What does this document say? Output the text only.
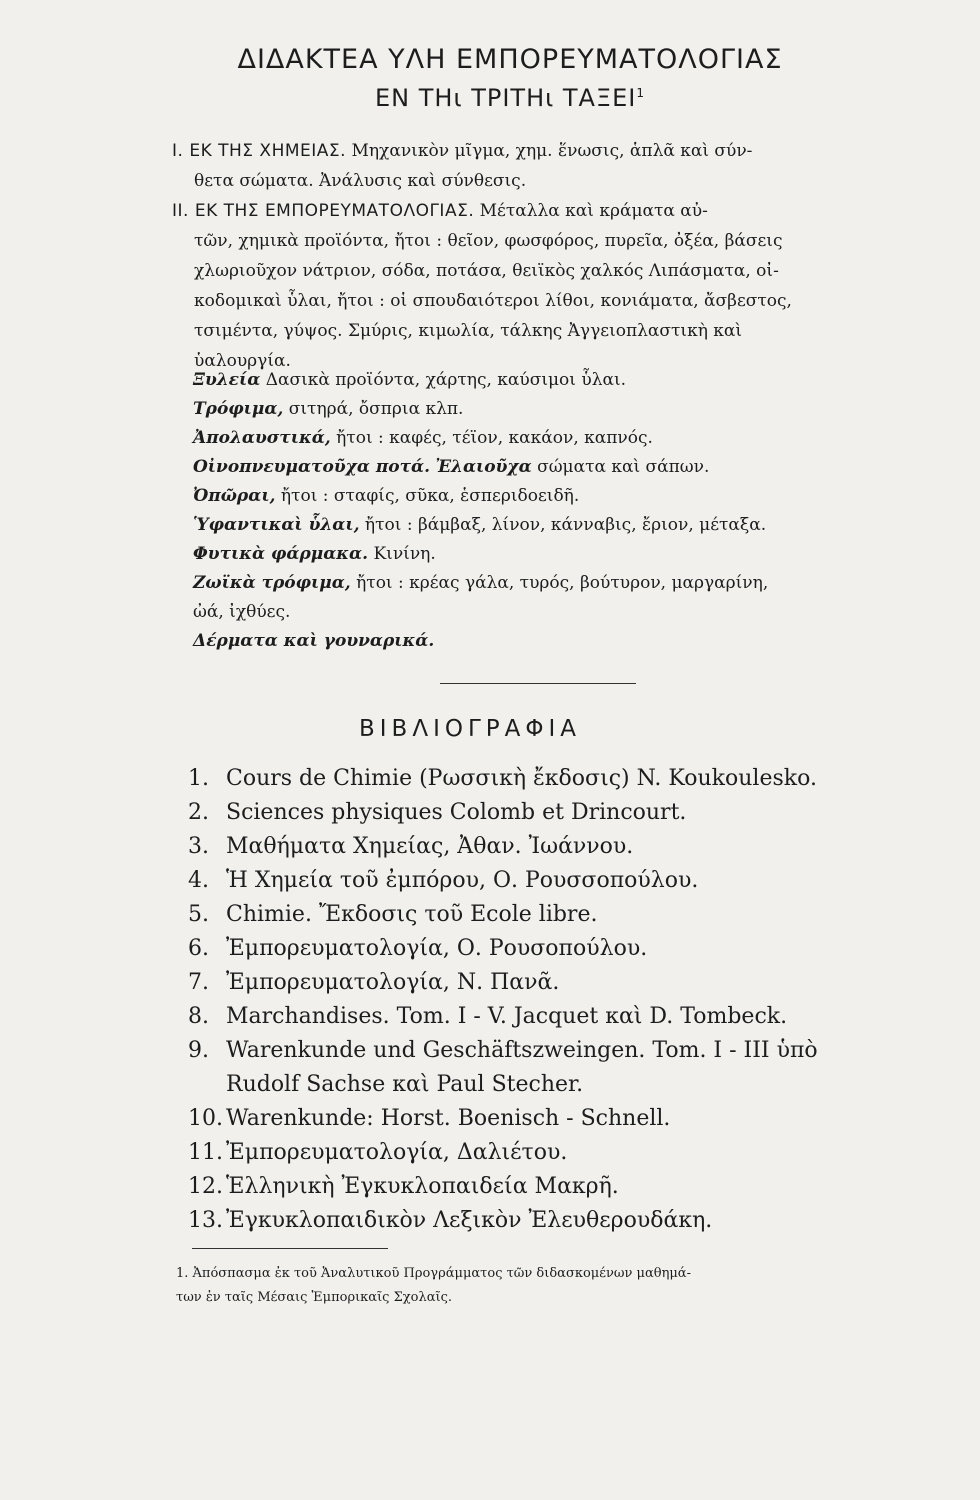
ΔΙΔΑΚΤΕΑ ΥΛΗ ΕΜΠΟΡΕΥΜΑΤΟΛΟΓΙΑΣ
ΕΝ ΤΗι ΤΡΙΤΗι ΤΑΞΕΙ$^1$
Ι. ΕΚ ΤΗΣ ΧΗΜΕΙΑΣ. Μηχανικὸν μῖγμα, χημ. ἕνωσις, ἁπλᾶ καὶ σύν-
θετα σώματα. Ἀνάλυσις καὶ σύνθεσις.
ΙΙ. ΕΚ ΤΗΣ ΕΜΠΟΡΕΥΜΑΤΟΛΟΓΙΑΣ. Μέταλλα καὶ κράματα αὐ-
τῶν, χημικὰ προϊόντα, ἤτοι : θεῖον, φωσφόρος, πυρεῖα, ὀξέα, βάσεις
χλωριοῦχον νάτριον, σόδα, ποτάσα, θειϊκὸς χαλκός Λιπάσματα, οἰ-
κοδομικαὶ ὗλαι, ἤτοι : οἱ σπουδαιότεροι λίθοι, κονιάματα, ἄσβεστος,
τσιμέντα, γύψος. Σμύρις, κιμωλία, τάλκης Ἀγγειοπλαστικὴ καὶ
ὑαλουργία.
Ξυλεία Δασικὰ προϊόντα, χάρτης, καύσιμοι ὗλαι.
Τρόφιμα, σιτηρά, ὄσπρια κλπ.
Ἀπολαυστικά, ἤτοι : καφές, τέϊον, κακάον, καπνός.
Οἰνοπνευματοῦχα ποτά. Ἐλαιοῦχα σώματα καὶ σάπων.
Ὀπῶραι, ἤτοι : σταφίς, σῦκα, ἑσπεριδοειδῆ.
Ὑφαντικαὶ ὗλαι, ἤτοι : βάμβαξ, λίνον, κάνναβις, ἔριον, μέταξα.
Φυτικὰ φάρμακα. Κινίνη.
Ζωϊκὰ τρόφιμα, ἤτοι : κρέας γάλα, τυρός, βούτυρον, μαργαρίνη,
ὠά, ἰχθύες.
Δέρματα καὶ γουναρικά.
ΒΙΒΛΙΟΓΡΑΦΙΑ
1. Cours de Chimie (Ρωσσικὴ ἔκδοσις) N. Koukoulesko.
2. Sciences physiques Colomb et Drincourt.
3. Μαθήματα Χημείας, Ἀθαν. Ἰωάννου.
4. Ἡ Χημεία τοῦ ἐμπόρου, Ο. Ρουσσοπούλου.
5. Chimie. Ἔκδοσις τοῦ Ecole libre.
6. Ἐμπορευματολογία, Ο. Ρουσοπούλου.
7. Ἐμπορευματολογία, Ν. Πανᾶ.
8. Marchandises. Tom. I - V. Jacquet καὶ D. Tombeck.
9. Warenkunde und Geschäftszweingen. Tom. I - III ὑπὸ
Rudolf Sachse καὶ Paul Stecher.
10. Warenkunde: Horst. Boenisch - Schnell.
11. Ἐμπορευματολογία, Δαλιέτου.
12. Ἑλληνικὴ Ἐγκυκλοπαιδεία Μακρῆ.
13. Ἐγκυκλοπαιδικὸν Λεξικὸν Ἐλευθερουδάκη.
1. Ἀπόσπασμα ἐκ τοῦ Ἀναλυτικοῦ Προγράμματος τῶν διδασκομένων μαθημά-
των ἐν ταῖς Μέσαις Ἐμπορικαῖς Σχολαῖς.
